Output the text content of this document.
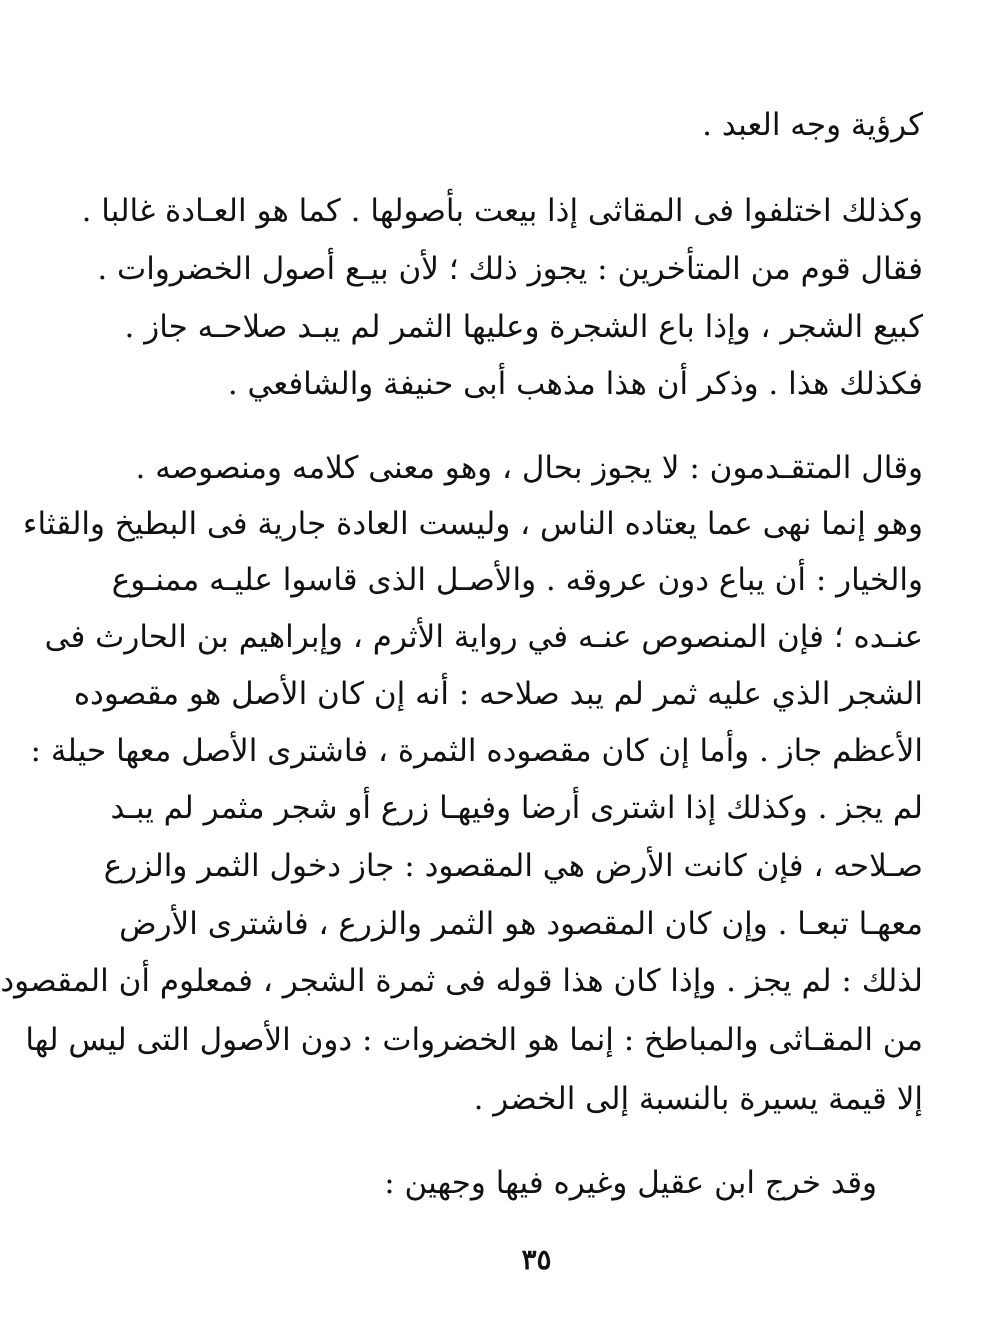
كرؤية وجه العبد .
وكذلك اختلفوا فى المقاثى إذا بيعت بأصولها . كما هو العـادة غالبا .
فقال قوم من المتأخرين : يجوز ذلك ؛ لأن بيـع أصول الخضروات .
كبيع الشجر ، وإذا باع الشجرة وعليها الثمر لم يبـد صلاحـه جاز .
فكذلك هذا . وذكر أن هذا مذهب أبى حنيفة والشافعي .
وقال المتقـدمون : لا يجوز بحال ، وهو معنى كلامه ومنصوصه .
وهو إنما نهى عما يعتاده الناس ، وليست العادة جارية فى البطيخ والقثاء
والخيار : أن يباع دون عروقه . والأصـل الذى قاسوا عليـه ممنـوع
عنـده ؛ فإن المنصوص عنـه في رواية الأثرم ، وإبراهيم بن الحارث فى
الشجر الذي عليه ثمر لم يبد صلاحه : أنه إن كان الأصل هو مقصوده
الأعظم جاز . وأما إن كان مقصوده الثمرة ، فاشترى الأصل معها حيلة :
لم يجز . وكذلك إذا اشترى أرضا وفيهـا زرع أو شجر مثمر لم يبـد
صـلاحه ، فإن كانت الأرض هي المقصود : جاز دخول الثمر والزرع
معهـا تبعـا . وإن كان المقصود هو الثمر والزرع ، فاشترى الأرض
لذلك : لم يجز . وإذا كان هذا قوله فى ثمرة الشجر ، فمعلوم أن المقصود
من المقـاثى والمباطخ : إنما هو الخضروات : دون الأصول التى ليس لها
إلا قيمة يسيرة بالنسبة إلى الخضر .
وقد خرج ابن عقيل وغيره فيها وجهين :
٣٥
